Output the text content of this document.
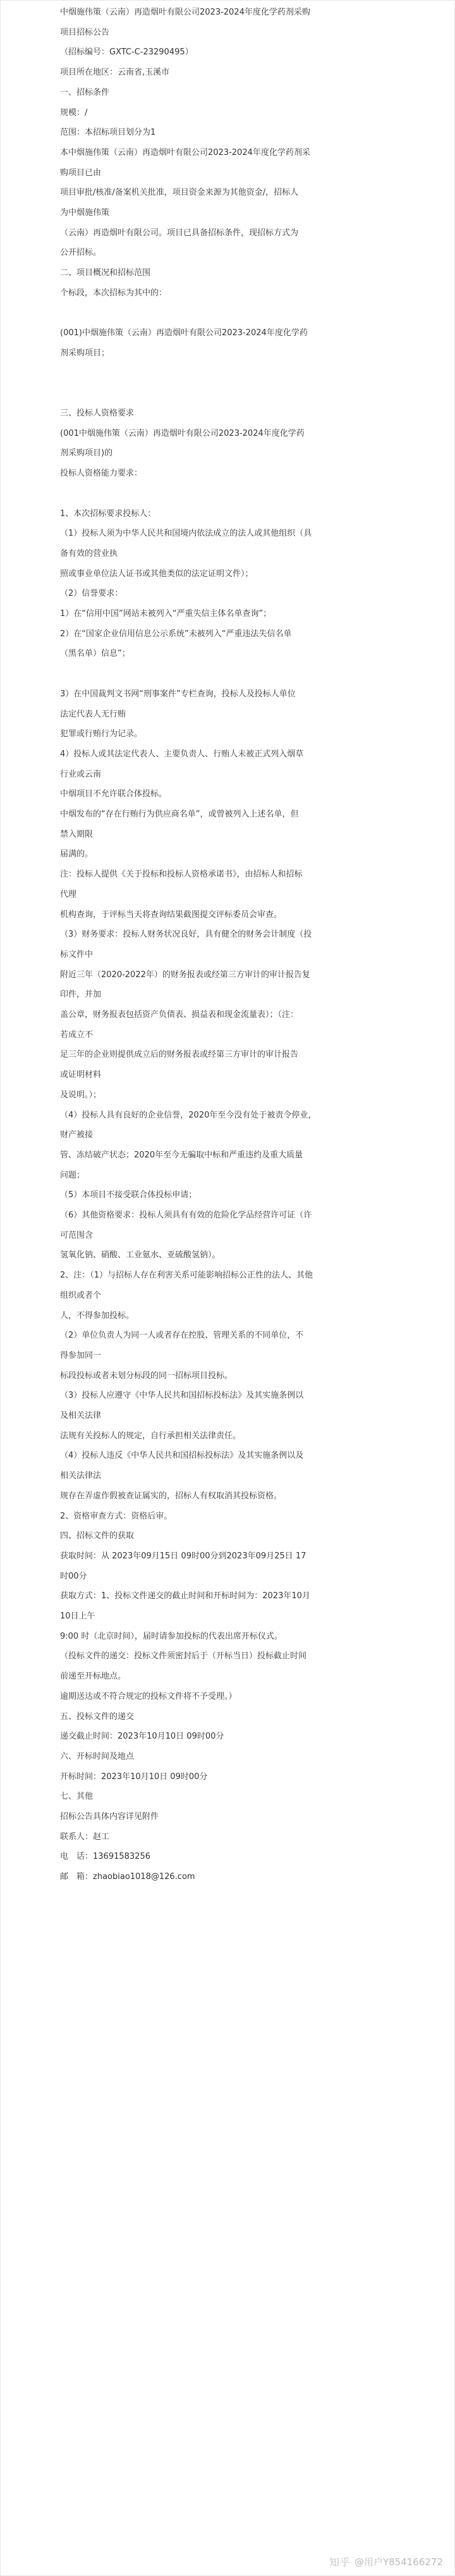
中烟施伟策（云南）再造烟叶有限公司2023-2024年度化学药剂采购
项目招标公告
（招标编号：GXTC-C-23290495）
项目所在地区：云南省,玉溪市
一、招标条件
规模：/
范围：本招标项目划分为1
本中烟施伟策（云南）再造烟叶有限公司2023-2024年度化学药剂采
购项目已由
项目审批/核准/备案机关批准，项目资金来源为其他资金/，招标人
为中烟施伟策
（云南）再造烟叶有限公司。项目已具备招标条件，现招标方式为
公开招标。
二、项目概况和招标范围
个标段，本次招标为其中的：
(001)中烟施伟策（云南）再造烟叶有限公司2023-2024年度化学药
剂采购项目；
三、投标人资格要求
(001中烟施伟策（云南）再造烟叶有限公司2023-2024年度化学药
剂采购项目)的
投标人资格能力要求：
1、本次招标要求投标人：
（1）投标人须为中华人民共和国境内依法成立的法人或其他组织（具
备有效的营业执
照或事业单位法人证书或其他类似的法定证明文件）；
（2）信誉要求：
1）在“信用中国”网站未被列入“严重失信主体名单查询”；
2）在“国家企业信用信息公示系统”未被列入“严重违法失信名单
（黑名单）信息”；
3）在中国裁判文书网“刑事案件”专栏查询，投标人及投标人单位
法定代表人无行贿
犯罪或行贿行为记录。
4）投标人或其法定代表人、主要负责人、行贿人未被正式列入烟草
行业或云南
中烟项目不允许联合体投标。
中烟发布的“存在行贿行为供应商名单”，或曾被列入上述名单，但
禁入期限
届满的。
注：投标人提供《关于投标和投标人资格承诺书》，由招标人和招标
代理
机构查询，于评标当天将查询结果截图提交评标委员会审查。
（3）财务要求：投标人财务状况良好，具有健全的财务会计制度（投
标文件中
附近三年（2020-2022年）的财务报表或经第三方审计的审计报告复
印件，并加
盖公章，财务报表包括资产负债表、损益表和现金流量表）；（注：
若成立不
足三年的企业则提供成立后的财务报表或经第三方审计的审计报告
或证明材料
及说明。）；
（4）投标人具有良好的企业信誉，2020年至今没有处于被责令停业，
财产被接
管、冻结破产状态；2020年至今无骗取中标和严重违约及重大质量
问题；
（5）本项目不接受联合体投标申请；
（6）其他资格要求：投标人须具有有效的危险化学品经营许可证（许
可范围含
氢氧化钠、硝酸、工业氨水、亚硫酸氢钠）。
2、注：（1）与招标人存在利害关系可能影响招标公正性的法人、其他
组织或者个
人，不得参加投标。
（2）单位负责人为同一人或者存在控股、管理关系的不同单位，不
得参加同一
标段投标或者未划分标段的同一招标项目投标。
（3）投标人应遵守《中华人民共和国招标投标法》及其实施条例以
及相关法律
法规有关投标人的规定，自行承担相关法律责任。
（4）投标人违反《中华人民共和国招标投标法》及其实施条例以及
相关法律法
规存在弄虚作假被查证属实的，招标人有权取消其投标资格。
2、资格审查方式：资格后审。
四、招标文件的获取
获取时间：从 2023年09月15日 09时00分到2023年09月25日 17
时00分
获取方式：1、投标文件递交的截止时间和开标时间为：2023年10月
10日上午
9:00 时（北京时间），届时请参加投标的代表出席开标仪式。
（投标文件的递交：投标文件须密封后于（开标当日）投标截止时间
前递至开标地点。
逾期送达或不符合规定的投标文件将不予受理。）
五、投标文件的递交
递交截止时间：2023年10月10日 09时00分
六、开标时间及地点
开标时间：2023年10月10日 09时00分
七、其他
招标公告具体内容详见附件
联系人：赵工
电　话：13691583256
邮　箱：zhaobiao1018@126.com
知乎 @用户Y854166272
